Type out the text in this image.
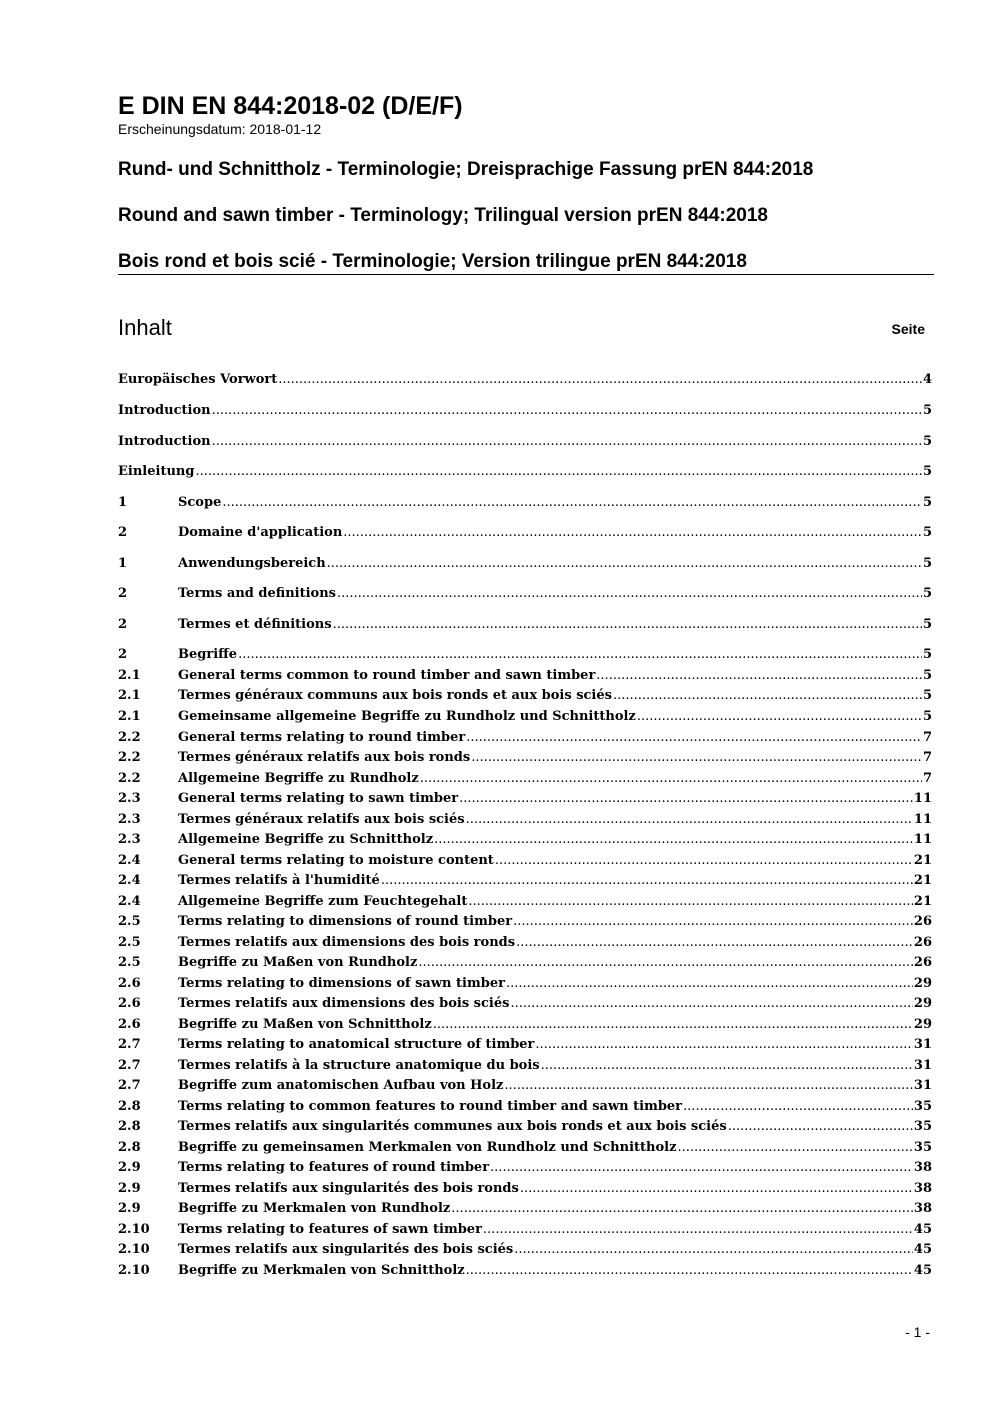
E DIN EN 844:2018-02 (D/E/F)
Erscheinungsdatum: 2018-01-12
Rund- und Schnittholz - Terminologie; Dreisprachige Fassung prEN 844:2018
Round and sawn timber - Terminology; Trilingual version prEN 844:2018
Bois rond et bois scié - Terminologie; Version trilingue prEN 844:2018
Inhalt	Seite
Europäisches Vorwort .....	4
Introduction .....	5
Introduction .....	5
Einleitung .....	5
1	Scope .....	5
2	Domaine d'application .....	5
1	Anwendungsbereich .....	5
2	Terms and definitions .....	5
2	Termes et définitions .....	5
2	Begriffe .....	5
2.1	General terms common to round timber and sawn timber .....	5
2.1	Termes généraux communs aux bois ronds et aux bois sciés .....	5
2.1	Gemeinsame allgemeine Begriffe zu Rundholz und Schnittholz .....	5
2.2	General terms relating to round timber .....	7
2.2	Termes généraux relatifs aux bois ronds .....	7
2.2	Allgemeine Begriffe zu Rundholz .....	7
2.3	General terms relating to sawn timber .....	11
2.3	Termes généraux relatifs aux bois sciés .....	11
2.3	Allgemeine Begriffe zu Schnittholz .....	11
2.4	General terms relating to moisture content .....	21
2.4	Termes relatifs à l'humidité .....	21
2.4	Allgemeine Begriffe zum Feuchtegehalt .....	21
2.5	Terms relating to dimensions of round timber .....	26
2.5	Termes relatifs aux dimensions des bois ronds .....	26
2.5	Begriffe zu Maßen von Rundholz .....	26
2.6	Terms relating to dimensions of sawn timber .....	29
2.6	Termes relatifs aux dimensions des bois sciés .....	29
2.6	Begriffe zu Maßen von Schnittholz .....	29
2.7	Terms relating to anatomical structure of timber .....	31
2.7	Termes relatifs à la structure anatomique du bois .....	31
2.7	Begriffe zum anatomischen Aufbau von Holz .....	31
2.8	Terms relating to common features to round timber and sawn timber .....	35
2.8	Termes relatifs aux singularités communes aux bois ronds et aux bois sciés .....	35
2.8	Begriffe zu gemeinsamen Merkmalen von Rundholz und Schnittholz .....	35
2.9	Terms relating to features of round timber .....	38
2.9	Termes relatifs aux singularités des bois ronds .....	38
2.9	Begriffe zu Merkmalen von Rundholz .....	38
2.10	Terms relating to features of sawn timber .....	45
2.10	Termes relatifs aux singularités des bois sciés .....	45
2.10	Begriffe zu Merkmalen von Schnittholz .....	45
- 1 -
